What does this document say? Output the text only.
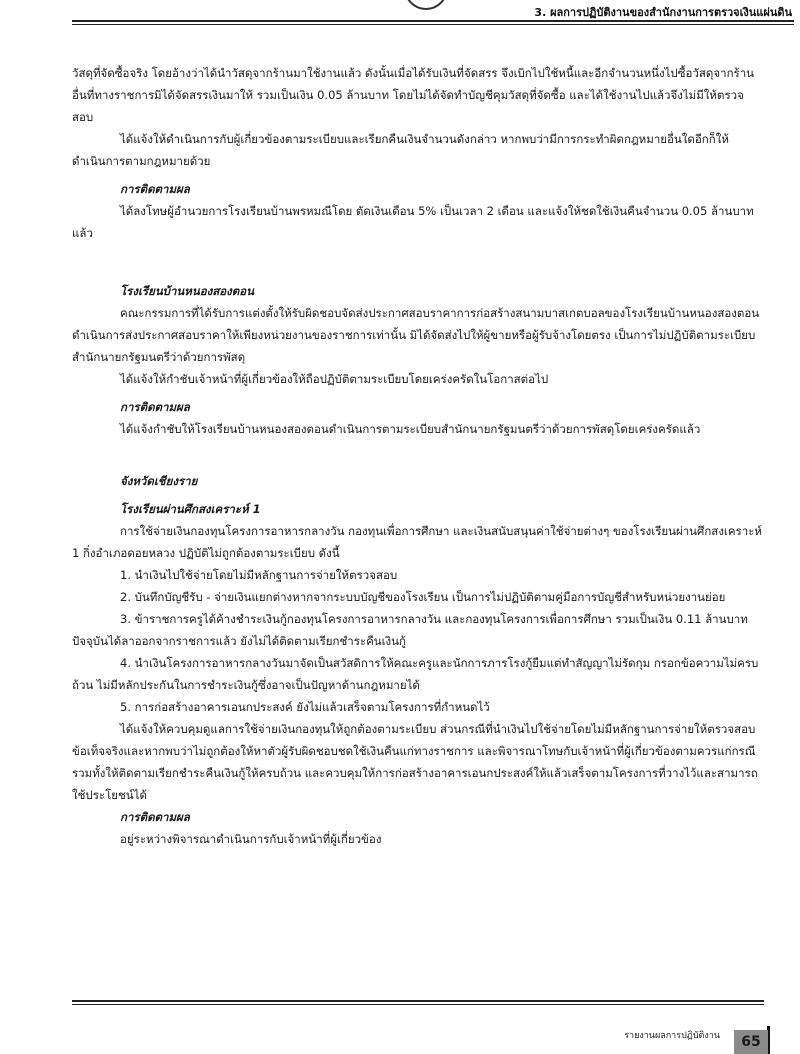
3. ผลการปฏิบัติงานของสำนักงานการตรวจเงินแผ่นดิน

วัสดุที่จัดซื้อจริง โดยอ้างว่าได้นำวัสดุจากร้านมาใช้งานแล้ว ดังนั้นเมื่อได้รับเงินที่จัดสรร จึงเบิกไปใช้หนี้และอีกจำนวนหนึ่งไปซื้อวัสดุจากร้านอื่นที่ทางราชการมิได้จัดสรรเงินมาให้ รวมเป็นเงิน 0.05 ล้านบาท โดยไม่ได้จัดทำบัญชีคุมวัสดุที่จัดซื้อ และได้ใช้งานไปแล้วจึงไม่มีให้ตรวจสอบ

ได้แจ้งให้ดำเนินการกับผู้เกี่ยวข้องตามระเบียบและเรียกคืนเงินจำนวนดังกล่าว หากพบว่ามีการกระทำผิดกฎหมายอื่นใดอีกก็ให้ดำเนินการตามกฎหมายด้วย

การติดตามผล

ได้ลงโทษผู้อำนวยการโรงเรียนบ้านพรหมณีโดย ตัดเงินเดือน 5% เป็นเวลา 2 เดือน และแจ้งให้ชดใช้เงินคืนจำนวน 0.05 ล้านบาท แล้ว

โรงเรียนบ้านหนองสองตอน

คณะกรรมการที่ได้รับการแต่งตั้งให้รับผิดชอบจัดส่งประกาศสอบราคาการก่อสร้างสนามบาสเกตบอลของโรงเรียนบ้านหนองสองตอน ดำเนินการส่งประกาศสอบราคาให้เพียงหน่วยงานของราชการเท่านั้น มิได้จัดส่งไปให้ผู้ขายหรือผู้รับจ้างโดยตรง เป็นการไม่ปฏิบัติตามระเบียบสำนักนายกรัฐมนตรีว่าด้วยการพัสดุ

ได้แจ้งให้กำชับเจ้าหน้าที่ผู้เกี่ยวข้องให้ถือปฏิบัติตามระเบียบโดยเคร่งครัดในโอกาสต่อไป

การติดตามผล

ได้แจ้งกำชับให้โรงเรียนบ้านหนองสองตอนดำเนินการตามระเบียบสำนักนายกรัฐมนตรีว่าด้วยการพัสดุโดยเคร่งครัดแล้ว

จังหวัดเชียงราย

โรงเรียนผ่านศึกสงเคราะห์ 1

การใช้จ่ายเงินกองทุนโครงการอาหารกลางวัน กองทุนเพื่อการศึกษา และเงินสนับสนุนค่าใช้จ่ายต่างๆ ของโรงเรียนผ่านศึกสงเคราะห์ 1 กิ่งอำเภอดอยหลวง ปฏิบัติไม่ถูกต้องตามระเบียบ ดังนี้

1. นำเงินไปใช้จ่ายโดยไม่มีหลักฐานการจ่ายให้ตรวจสอบ

2. บันทึกบัญชีรับ - จ่ายเงินแยกต่างหากจากระบบบัญชีของโรงเรียน เป็นการไม่ปฏิบัติตามคู่มือการบัญชีสำหรับหน่วยงานย่อย

3. ข้าราชการครูได้ค้างชำระเงินกู้กองทุนโครงการอาหารกลางวัน และกองทุนโครงการเพื่อการศึกษา รวมเป็นเงิน 0.11 ล้านบาท ปัจจุบันได้ลาออกจากราชการแล้ว ยังไม่ได้ติดตามเรียกชำระคืนเงินกู้

4. นำเงินโครงการอาหารกลางวันมาจัดเป็นสวัสดิการให้คณะครูและนักการภารโรงกู้ยืมแต่ทำสัญญาไม่รัดกุม กรอกข้อความไม่ครบถ้วน ไม่มีหลักประกันในการชำระเงินกู้ซึ่งอาจเป็นปัญหาด้านกฎหมายได้

5. การก่อสร้างอาคารเอนกประสงค์ ยังไม่แล้วเสร็จตามโครงการที่กำหนดไว้

ได้แจ้งให้ควบคุมดูแลการใช้จ่ายเงินกองทุนให้ถูกต้องตามระเบียบ ส่วนกรณีที่นำเงินไปใช้จ่ายโดยไม่มีหลักฐานการจ่ายให้ตรวจสอบข้อเท็จจริงและหากพบว่าไม่ถูกต้องให้หาตัวผู้รับผิดชอบชดใช้เงินคืนแก่ทางราชการ และพิจารณาโทษกับเจ้าหน้าที่ผู้เกี่ยวข้องตามควรแก่กรณี รวมทั้งให้ติดตามเรียกชำระคืนเงินกู้ให้ครบถ้วน และควบคุมให้การก่อสร้างอาคารเอนกประสงค์ให้แล้วเสร็จตามโครงการที่วางไว้และสามารถใช้ประโยชน์ได้

การติดตามผล

อยู่ระหว่างพิจารณาดำเนินการกับเจ้าหน้าที่ผู้เกี่ยวข้อง

รายงานผลการปฏิบัติงาน	65
